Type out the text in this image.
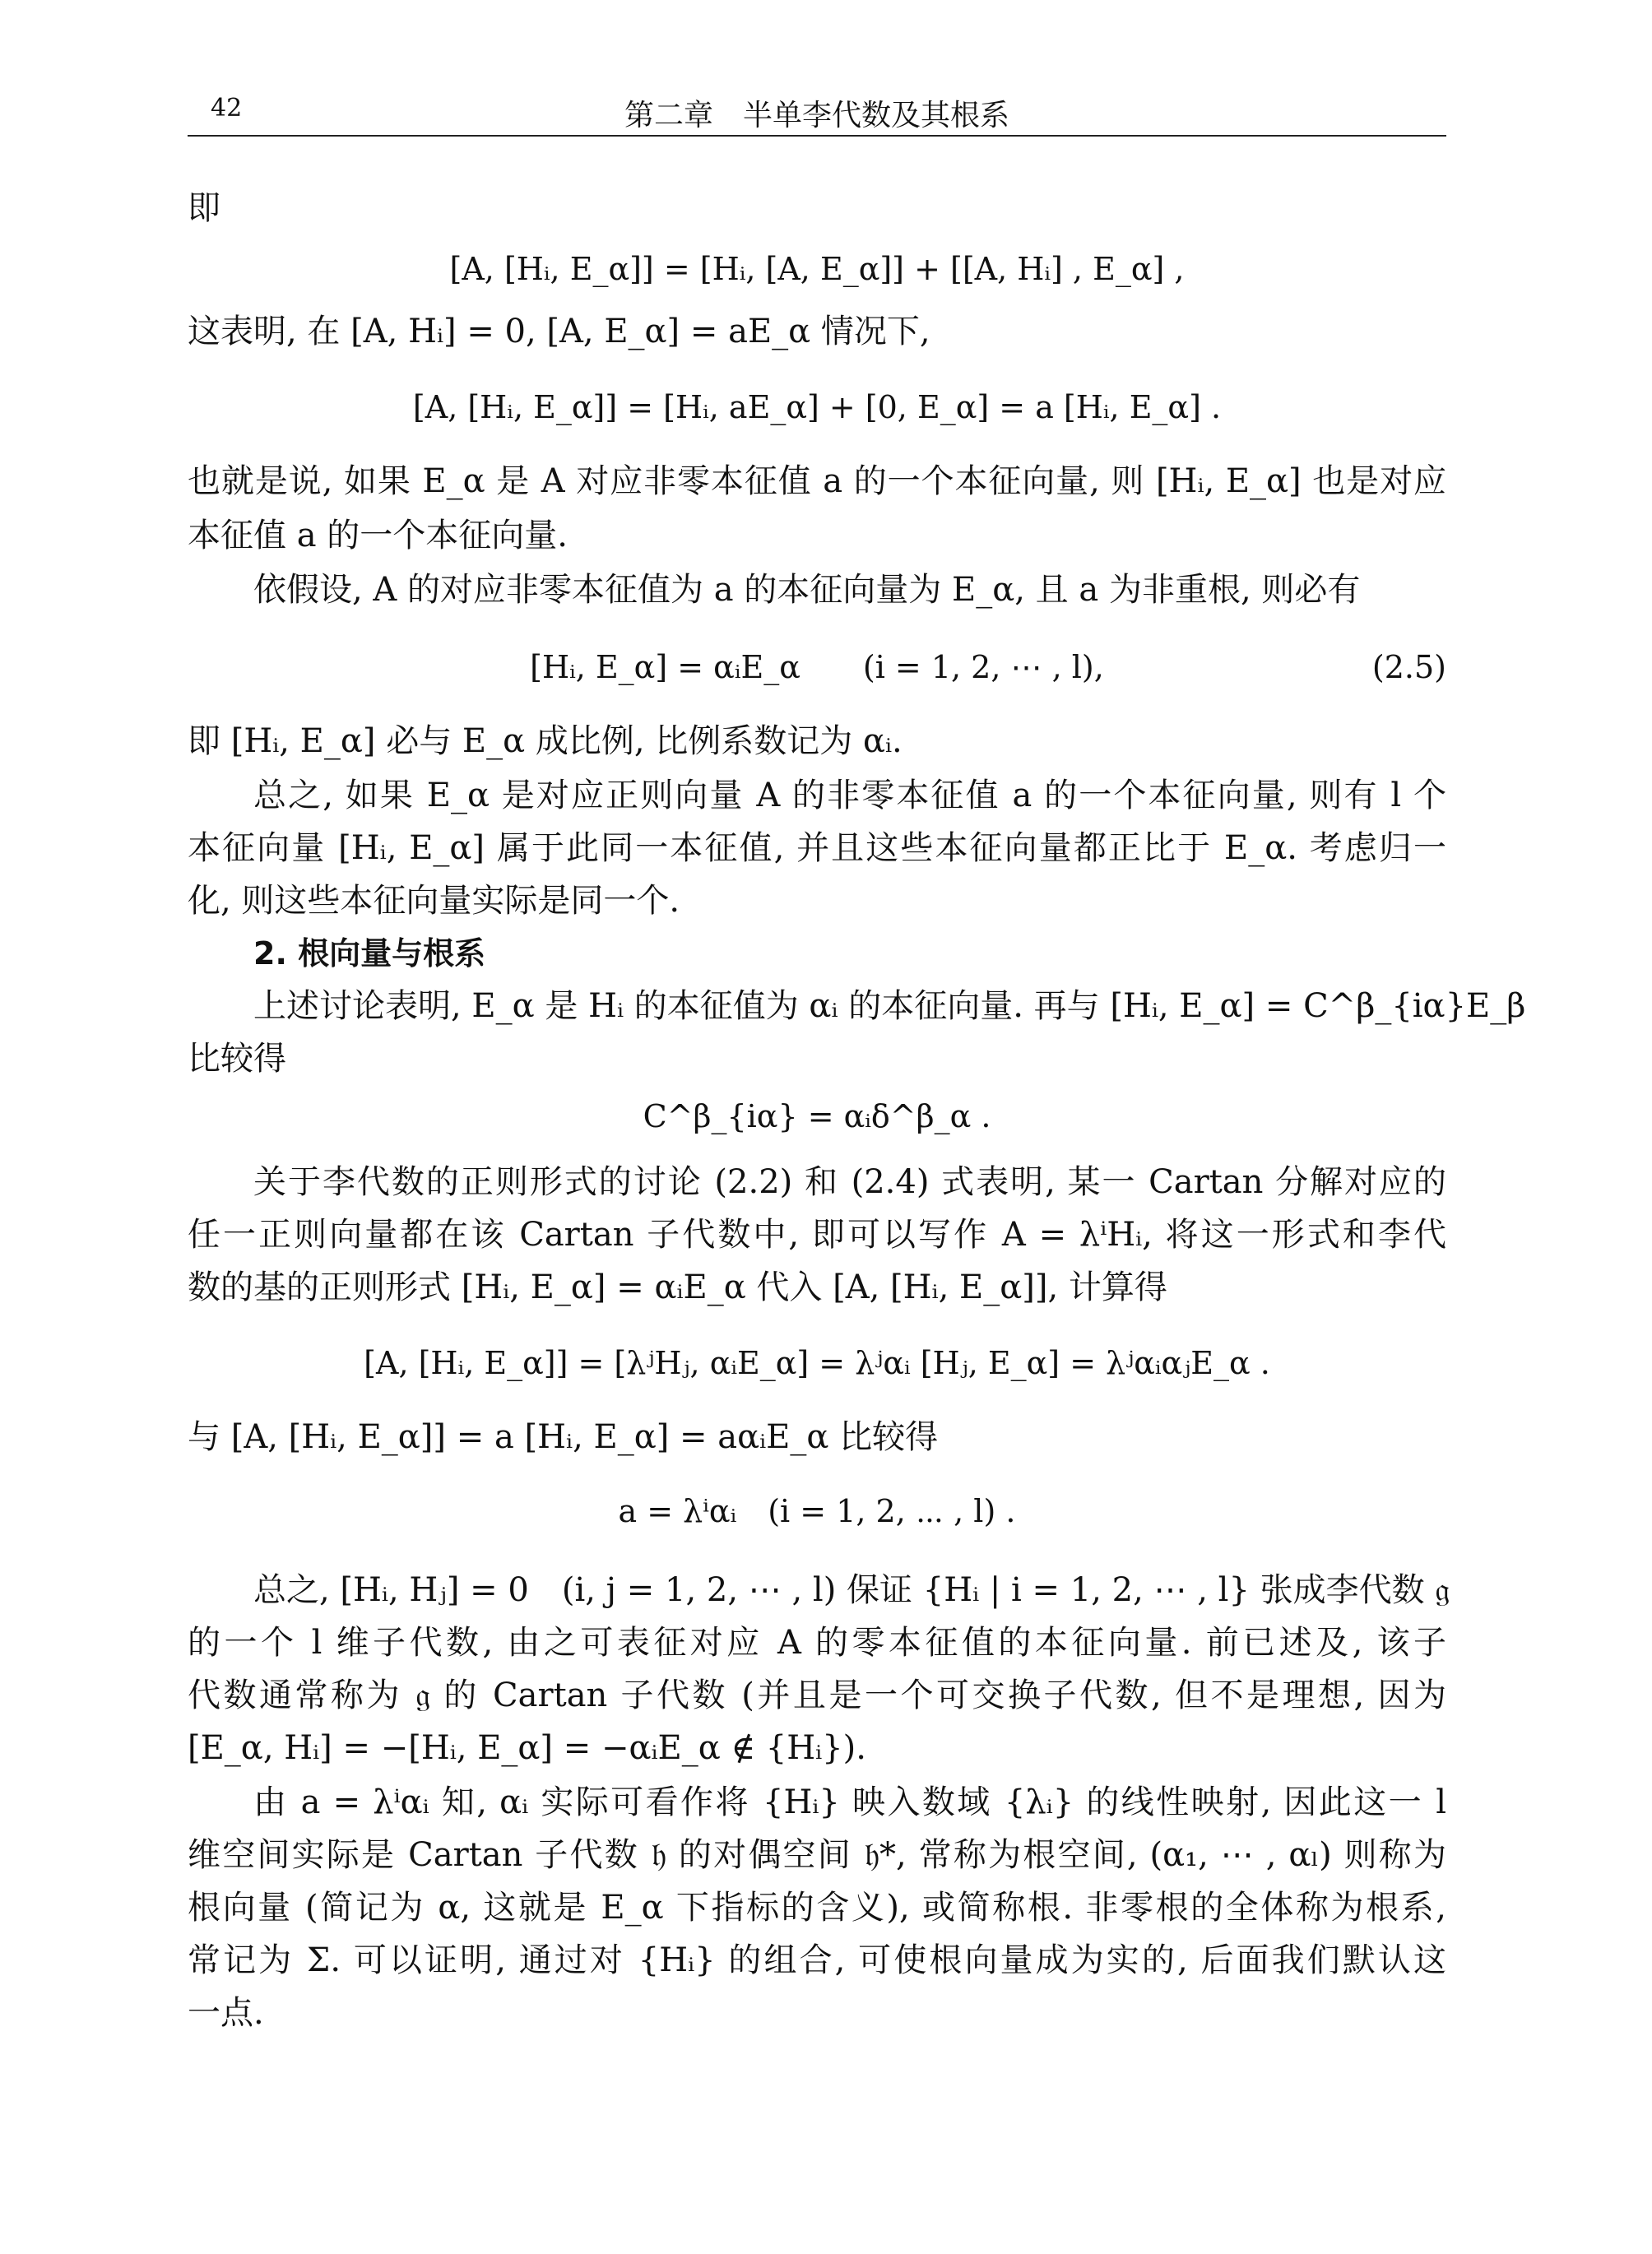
42	第二章　半单李代数及其根系
即
[A, [Hᵢ, E_α]] = [Hᵢ, [A, E_α]] + [[A, Hᵢ] , E_α] ,
这表明, 在 [A, Hᵢ] = 0, [A, E_α] = aE_α 情况下,
[A, [Hᵢ, E_α]] = [Hᵢ, aE_α] + [0, E_α] = a [Hᵢ, E_α] .
也就是说, 如果 E_α 是 A 对应非零本征值 a 的一个本征向量, 则 [Hᵢ, E_α] 也是对应
本征值 a 的一个本征向量.
依假设, A 的对应非零本征值为 a 的本征向量为 E_α, 且 a 为非重根, 则必有
[Hᵢ, E_α] = αᵢE_α　　(i = 1, 2, ⋯ , l),	(2.5)
即 [Hᵢ, E_α] 必与 E_α 成比例, 比例系数记为 αᵢ.
总之, 如果 E_α 是对应正则向量 A 的非零本征值 a 的一个本征向量, 则有 l 个
本征向量 [Hᵢ, E_α] 属于此同一本征值, 并且这些本征向量都正比于 E_α. 考虑归一
化, 则这些本征向量实际是同一个.
2. 根向量与根系
上述讨论表明, E_α 是 Hᵢ 的本征值为 αᵢ 的本征向量. 再与 [Hᵢ, E_α] = C^β_{iα}E_β
比较得
C^β_{iα} = αᵢδ^β_α .
关于李代数的正则形式的讨论 (2.2) 和 (2.4) 式表明, 某一 Cartan 分解对应的
任一正则向量都在该 Cartan 子代数中, 即可以写作 A = λⁱHᵢ, 将这一形式和李代
数的基的正则形式 [Hᵢ, E_α] = αᵢE_α 代入 [A, [Hᵢ, E_α]], 计算得
[A, [Hᵢ, E_α]] = [λʲHⱼ, αᵢE_α] = λʲαᵢ [Hⱼ, E_α] = λʲαᵢαⱼE_α .
与 [A, [Hᵢ, E_α]] = a [Hᵢ, E_α] = aαᵢE_α 比较得
a = λⁱαᵢ　(i = 1, 2, ⋯ , l) .
总之, [Hᵢ, Hⱼ] = 0　(i, j = 1, 2, ⋯ , l) 保证 {Hᵢ | i = 1, 2, ⋯ , l} 张成李代数 𝔤
的一个 l 维子代数, 由之可表征对应 A 的零本征值的本征向量. 前已述及, 该子
代数通常称为 𝔤 的 Cartan 子代数 (并且是一个可交换子代数, 但不是理想, 因为
[E_α, Hᵢ] = −[Hᵢ, E_α] = −αᵢE_α ∉ {Hᵢ}).
由 a = λⁱαᵢ 知, αᵢ 实际可看作将 {Hᵢ} 映入数域 {λᵢ} 的线性映射, 因此这一 l
维空间实际是 Cartan 子代数 𝔥 的对偶空间 𝔥*, 常称为根空间, (α₁, ⋯ , αₗ) 则称为
根向量 (简记为 α, 这就是 E_α 下指标的含义), 或简称根. 非零根的全体称为根系,
常记为 Σ. 可以证明, 通过对 {Hᵢ} 的组合, 可使根向量成为实的, 后面我们默认这
一点.
